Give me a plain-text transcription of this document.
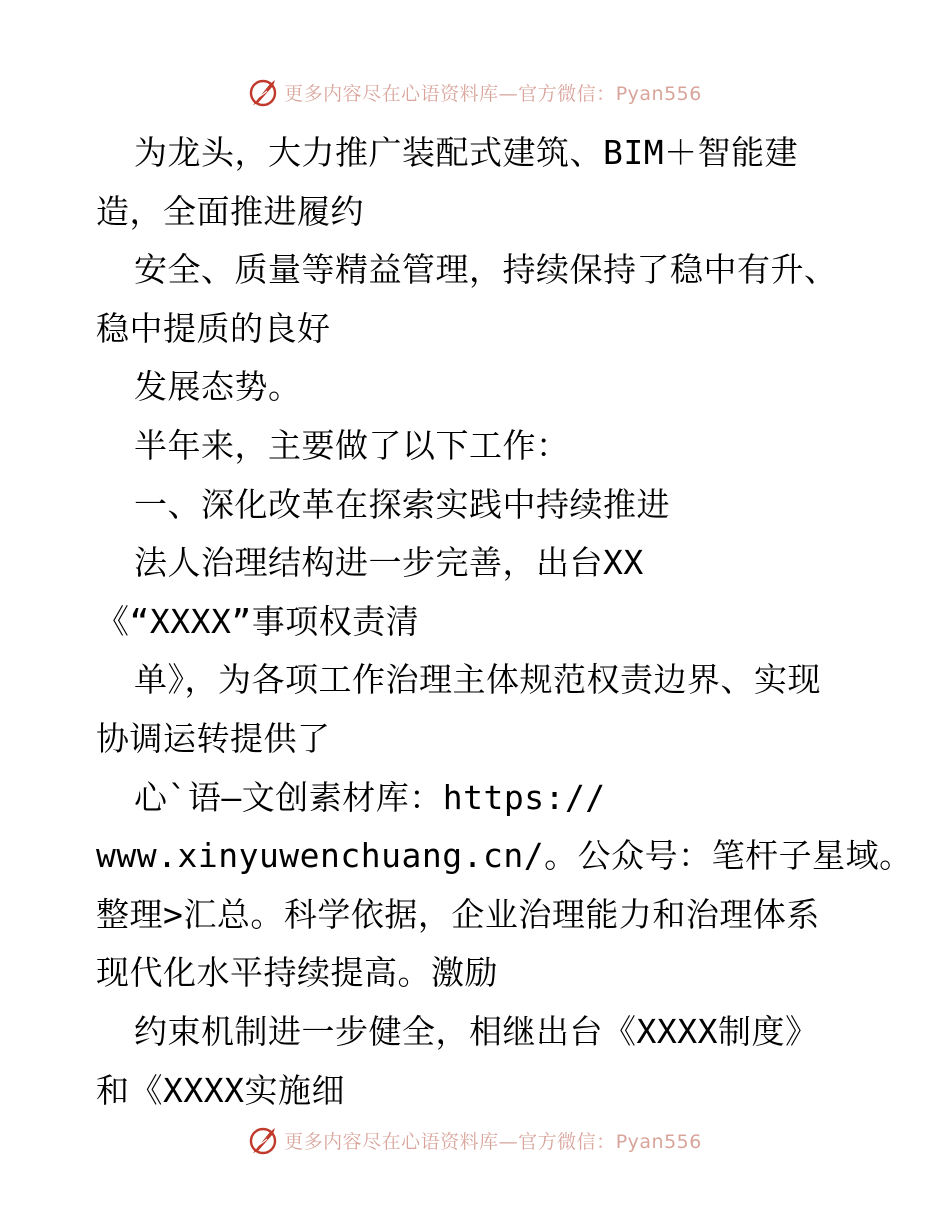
更多内容尽在心语资料库—官方微信：Pyan556
为龙头，大力推广装配式建筑、BIM＋智能建
造，全面推进履约
安全、质量等精益管理，持续保持了稳中有升、
稳中提质的良好
发展态势。
半年来，主要做了以下工作：
一、深化改革在探索实践中持续推进
法人治理结构进一步完善，出台XX
《“XXXX”事项权责清
单》，为各项工作治理主体规范权责边界、实现
协调运转提供了
心`语—文创素材库：https://
www.xinyuwenchuang.cn/。公众号：笔杆子星域。
整理>汇总。科学依据，企业治理能力和治理体系
现代化水平持续提高。激励
约束机制进一步健全，相继出台《XXXX制度》
和《XXXX实施细
更多内容尽在心语资料库—官方微信：Pyan556
